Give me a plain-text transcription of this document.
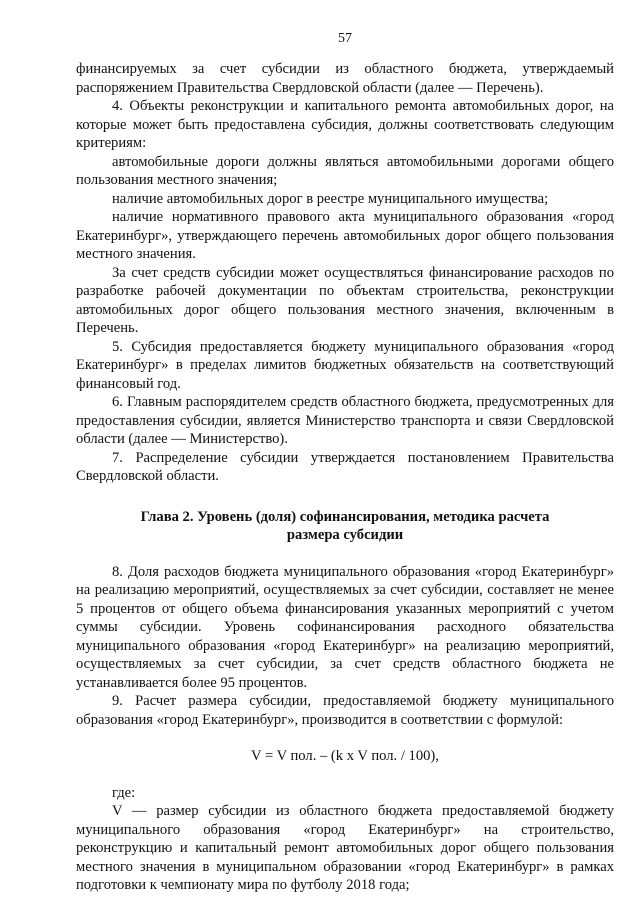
57

финансируемых за счет субсидии из областного бюджета, утверждаемый распоряжением Правительства Свердловской области (далее — Перечень).

4. Объекты реконструкции и капитального ремонта автомобильных дорог, на которые может быть предоставлена субсидия, должны соответствовать следующим критериям:

автомобильные дороги должны являться автомобильными дорогами общего пользования местного значения;

наличие автомобильных дорог в реестре муниципального имущества;

наличие нормативного правового акта муниципального образования «город Екатеринбург», утверждающего перечень автомобильных дорог общего пользования местного значения.

За счет средств субсидии может осуществляться финансирование расходов по разработке рабочей документации по объектам строительства, реконструкции автомобильных дорог общего пользования местного значения, включенным в Перечень.

5. Субсидия предоставляется бюджету муниципального образования «город Екатеринбург» в пределах лимитов бюджетных обязательств на соответствующий финансовый год.

6. Главным распорядителем средств областного бюджета, предусмотренных для предоставления субсидии, является Министерство транспорта и связи Свердловской области (далее — Министерство).

7. Распределение субсидии утверждается постановлением Правительства Свердловской области.

Глава 2. Уровень (доля) софинансирования, методика расчета размера субсидии

8. Доля расходов бюджета муниципального образования «город Екатеринбург» на реализацию мероприятий, осуществляемых за счет субсидии, составляет не менее 5 процентов от общего объема финансирования указанных мероприятий с учетом суммы субсидии. Уровень софинансирования расходного обязательства муниципального образования «город Екатеринбург» на реализацию мероприятий, осуществляемых за счет субсидии, за счет средств областного бюджета не устанавливается более 95 процентов.

9. Расчет размера субсидии, предоставляемой бюджету муниципального образования «город Екатеринбург», производится в соответствии с формулой:

V = V пол. – (k x V пол. / 100),

где:

V — размер субсидии из областного бюджета предоставляемой бюджету муниципального образования «город Екатеринбург» на строительство, реконструкцию и капитальный ремонт автомобильных дорог общего пользования местного значения в муниципальном образовании «город Екатеринбург» в рамках подготовки к чемпионату мира по футболу 2018 года;
